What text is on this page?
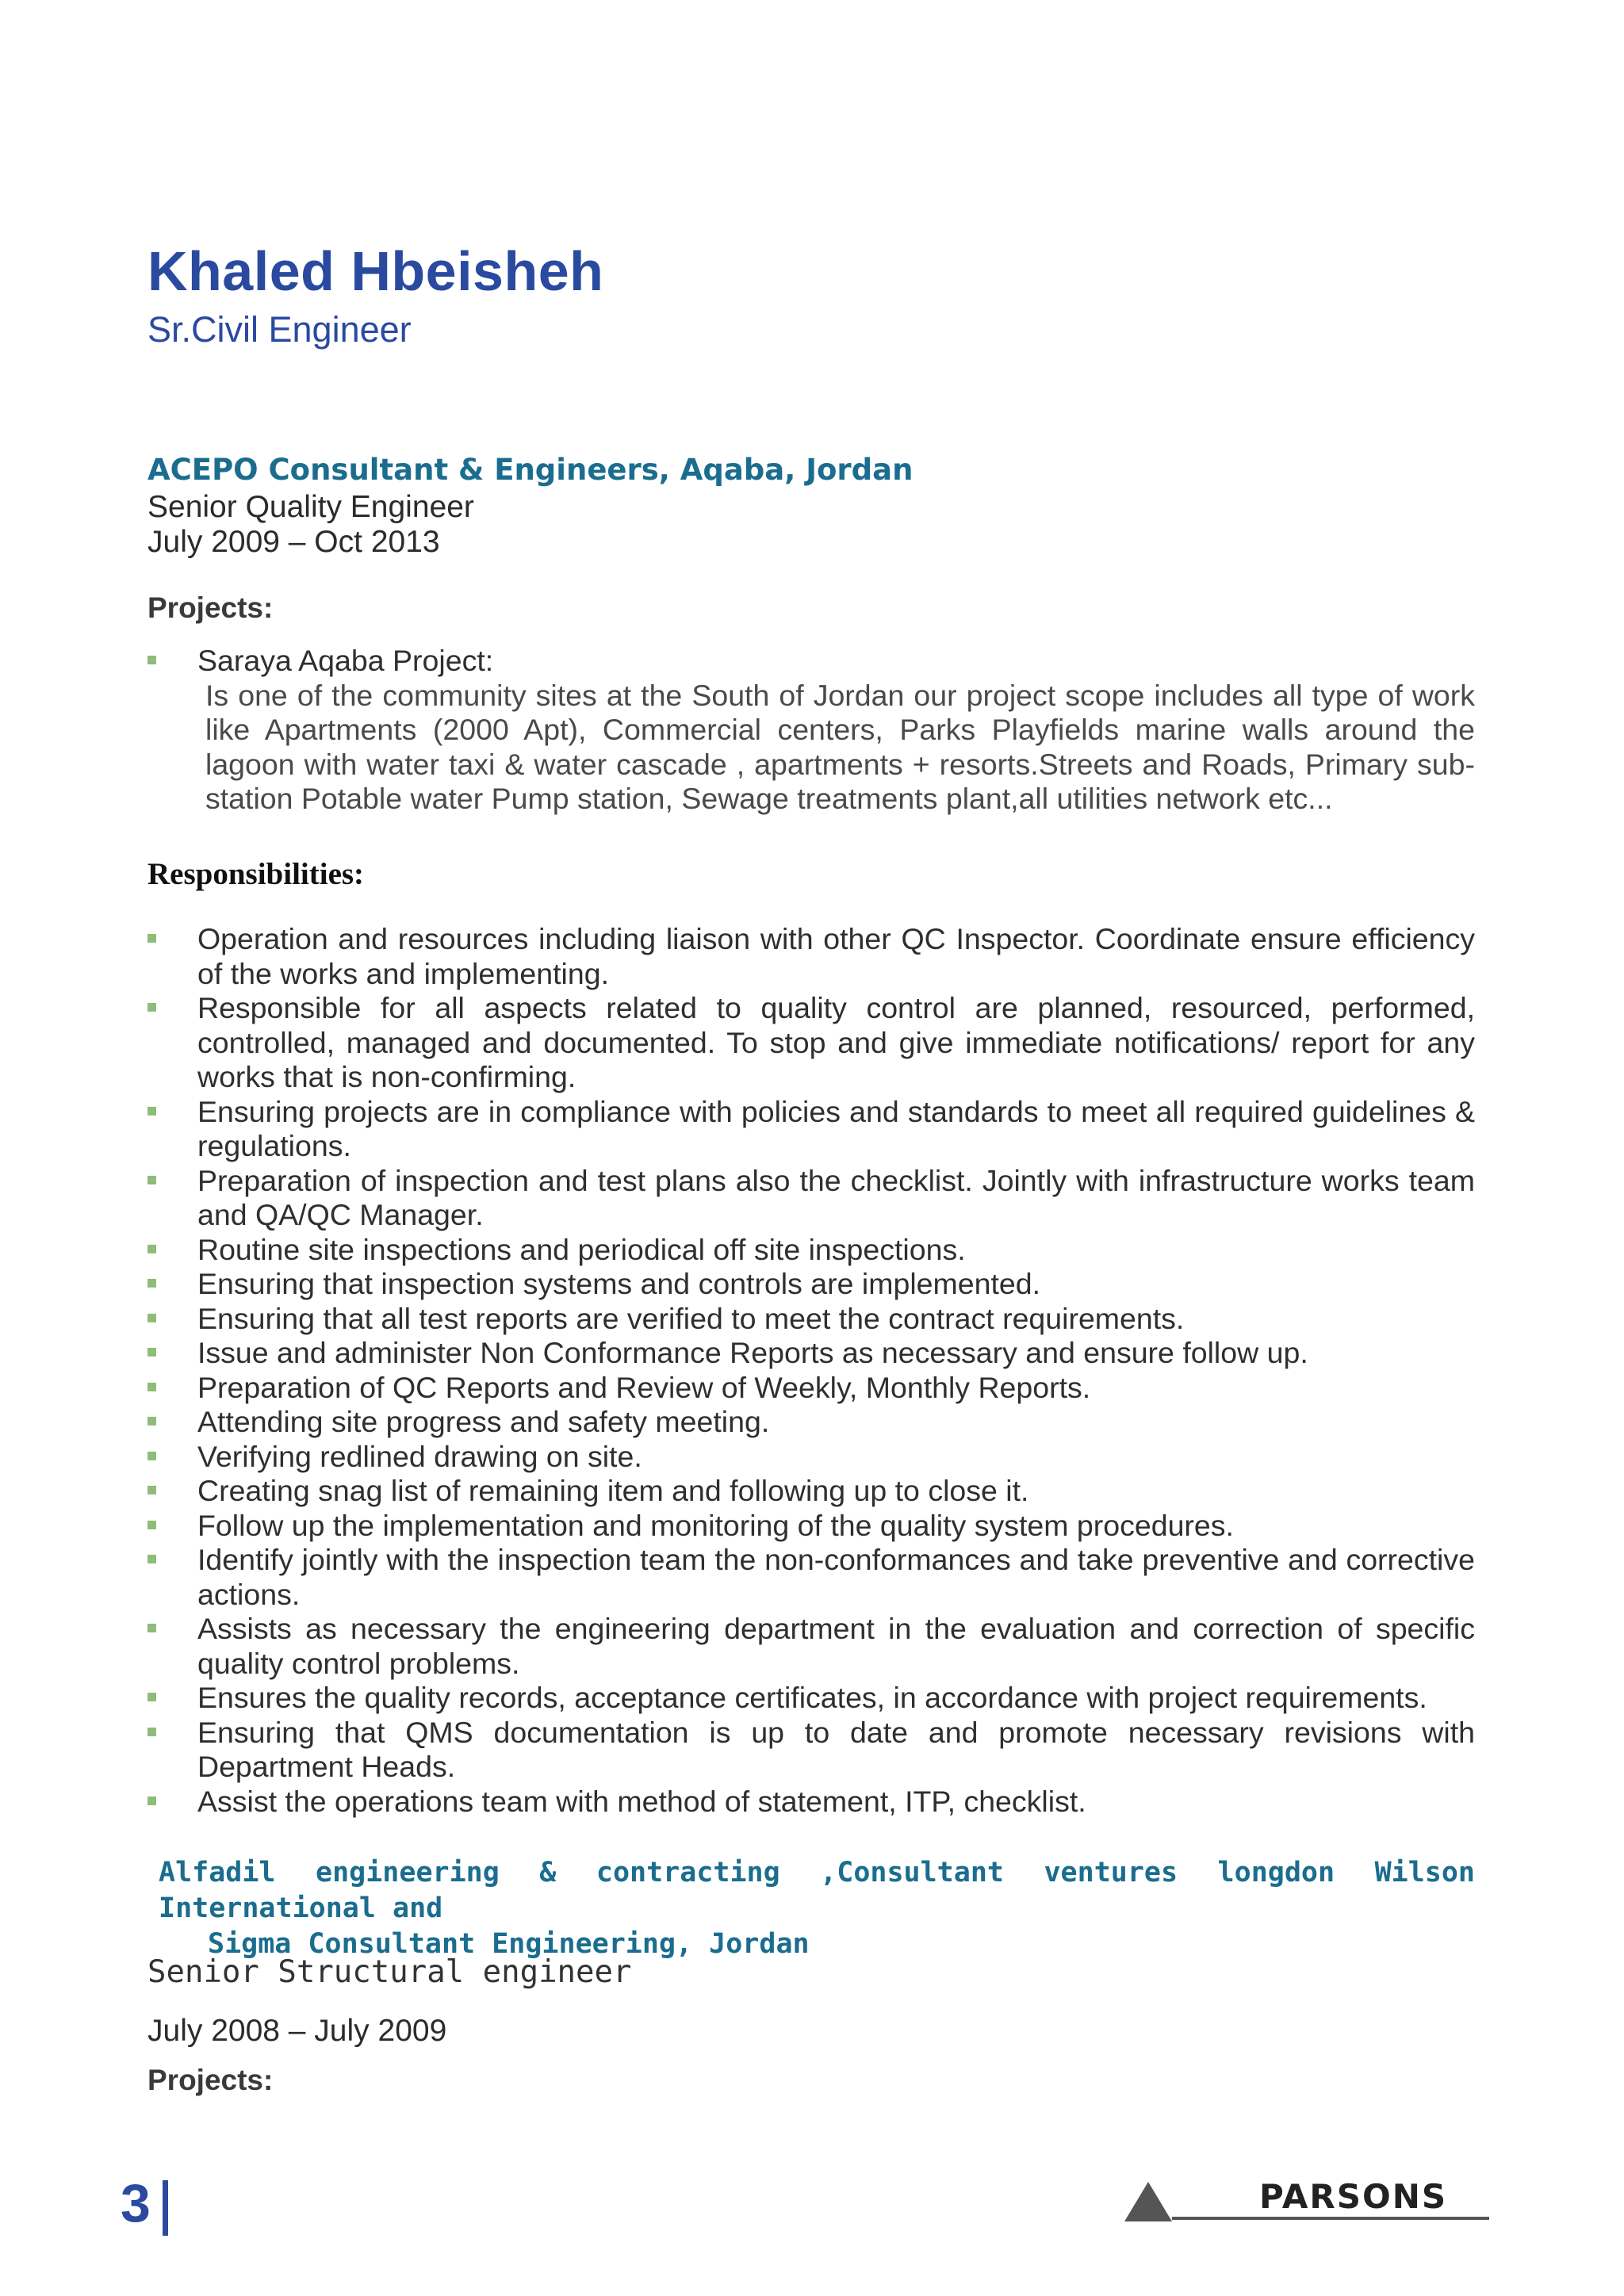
Khaled Hbeisheh
Sr.Civil Engineer
ACEPO Consultant & Engineers, Aqaba, Jordan
Senior Quality Engineer
July 2009 – Oct 2013
Projects:
Saraya Aqaba Project:
Is one of the community sites at the South of Jordan our project scope includes all type of work like Apartments (2000 Apt), Commercial centers, Parks Playfields marine walls around the lagoon with water taxi & water cascade , apartments + resorts.Streets and Roads, Primary sub-station Potable water Pump station, Sewage treatments plant,all utilities network etc...
Responsibilities:
Operation and resources including liaison with other QC Inspector. Coordinate ensure efficiency of the works and implementing.
Responsible for all aspects related to quality control are planned, resourced, performed, controlled, managed and documented. To stop and give immediate notifications/ report for any works that is non-confirming.
Ensuring projects are in compliance with policies and standards to meet all required guidelines & regulations.
Preparation of inspection and test plans also the checklist. Jointly with infrastructure works team and QA/QC Manager.
Routine site inspections and periodical off site inspections.
Ensuring that inspection systems and controls are implemented.
Ensuring that all test reports are verified to meet the contract requirements.
Issue and administer Non Conformance Reports as necessary and ensure follow up.
Preparation of QC Reports and Review of Weekly, Monthly Reports.
Attending site progress and safety meeting.
Verifying redlined drawing on site.
Creating snag list of remaining item and following up to close it.
Follow up the implementation and monitoring of the quality system procedures.
Identify jointly with the inspection team the non-conformances and take preventive and corrective actions.
Assists as necessary the engineering department in the evaluation and correction of specific quality control problems.
Ensures the quality records, acceptance certificates, in accordance with project requirements.
Ensuring that QMS documentation is up to date and promote necessary revisions with Department Heads.
Assist the operations team with method of statement, ITP, checklist.
Alfadil engineering & contracting ,Consultant ventures longdon Wilson International and
Sigma Consultant Engineering, Jordan
Senior Structural engineer
July 2008 – July 2009
Projects:
3	PARSONS
